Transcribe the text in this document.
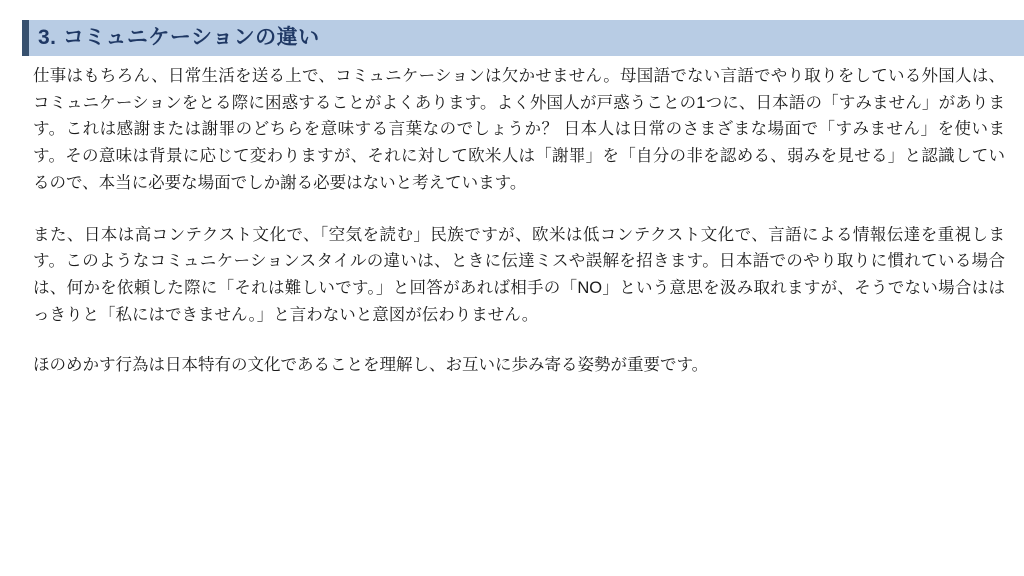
3. コミュニケーションの違い

仕事はもちろん、日常生活を送る上で、コミュニケーションは欠かせません。母国語でない言語でやり取りをしている外国人は、コミュニケーションをとる際に困惑することがよくあります。よく外国人が戸惑うことの1つに、日本語の「すみません」があります。これは感謝または謝罪のどちらを意味する言葉なのでしょうか？ 日本人は日常のさまざまな場面で「すみません」を使います。その意味は背景に応じて変わりますが、それに対して欧米人は「謝罪」を「自分の非を認める、弱みを見せる」と認識しているので、本当に必要な場面でしか謝る必要はないと考えています。

また、日本は高コンテクスト文化で、「空気を読む」民族ですが、欧米は低コンテクスト文化で、言語による情報伝達を重視します。このようなコミュニケーションスタイルの違いは、ときに伝達ミスや誤解を招きます。日本語でのやり取りに慣れている場合は、何かを依頼した際に「それは難しいです。」と回答があれば相手の「NO」という意思を汲み取れますが、そうでない場合ははっきりと「私にはできません。」と言わないと意図が伝わりません。

ほのめかす行為は日本特有の文化であることを理解し、お互いに歩み寄る姿勢が重要です。
